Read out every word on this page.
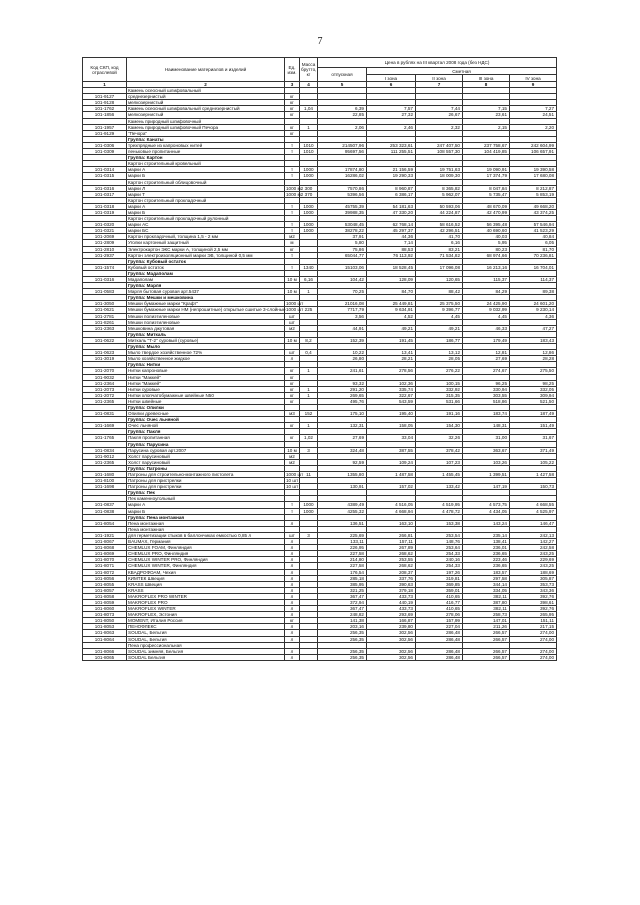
7
Код СКП, код отраслевой	Наименование материалов и изделий	Ед. изм.	Масса брутто, кг	Цена в рублях на III квартал 2008 года (без НДС)				
				отпускная	Сметная			
					I зона	II зона	III зона	IV зона
1	2	3	4	5	6	7	8	9
	Камень осеосный шлифовальный							
101-9127	среднезернистый	кг						
101-9128	мелкозернистый	кг						
101-1762	Камень осеосный шлифовальный среднезернистый	кг	1,04	6,39	7,57	7,44	7,15	7,27
101-1856	мелкозернистый	кг		22,85	27,32	26,67	23,61	24,51
	Камень природный шлифовочный							
101-1957	Камень природный шлифовочный Печора	кг	1	2,06	2,46	2,32	2,15	2,20
101-9129	"Печора"	кг						
	Группа: Канаты							
101-0306	трехпрядные из капроновых нитей	т	1010	214507,96	253 323,61	247 407,50	237 758,67	242 604,99
101-0309	пеньковые пропитанные	т	1010	95697,56	111 255,51	108 557,30	104 419,85	106 657,91
	Группа: Картон							
	Картон строительный кровельный							
101-0314	марки А	т	1000	17874,80	21 156,59	19 751,63	19 090,91	19 390,58
101-0315	марки Б	т	1000	16286,02	19 290,33	18 009,30	17 374,79	17 680,08
	Картон строительный облицовочный							
101-0316	марки Л	1000 м2	300	7570,86	8 960,87	8 365,82	8 047,84	8 212,87
101-0317	марки Т	1000 м2	370	5396,56	6 386,17	5 962,07	5 735,47	5 853,19
	Картон строительный прокладочный							
101-0318	марки А	т	1000	45755,39	54 181,63	50 593,06	48 670,09	49 668,20
101-0319	марки Б	т	1000	39988,35	47 330,20	44 224,87	42 470,99	43 374,25
	Картон строительный прокладочный рулонный							
101-0320	марки АС	т	1000	53048,45	62 768,14	58 616,52	56 395,48	57 546,94
101-0321	марки БС	т	1000	38278,22	45 297,37	42 296,51	40 690,60	41 523,29
101-2069	Картон прокладочный, толщина 1,5 - 2 мм	м2		37,91	44,36	41,70	40,03	40,84
101-2809	Уголки картонный защитный	м		5,80	7,14	6,16	5,95	6,05
101-2810	Электрокартон ЭКС марки А, толщиной 2,5 мм	кг		75,86	88,53	83,21	80,23	81,70
101-2937	Картон электроизоляционный марки ЭВ, толщиной 0,5 мм	т		65044,77	76 113,92	71 534,82	68 974,66	70 236,81
	Группа: Кубовый остаток							
101-1574	Кубовый остаток	т	1340	15103,06	18 528,45	17 096,08	16 213,16	16 704,01
	Группа: Мадаполам							
101-0316	Мадаполам	10 м	6,16	104,42	128,09	120,65	115,37	114,37
	Группа: Марля							
101-0583	Марля бытовая суровая арт.5437	10 м	1	70,25	84,70	88,42	84,29	89,38
	Группа: Мешки и мешковина							
101-3050	Мешки бумажные марки "Крафт"	1000 шт		21016,08	25 449,81	25 375,50	24 425,90	24 601,20
101-0621	Мешки бумажные марки НМ (непрошитные) открытые сшитые 3-слойные	1000 шт	225	7717,79	9 634,91	9 396,77	9 032,99	9 230,14
101-2781	Мешки полиэтиленовые	шт		3,56	4,52	4,45	4,45	4,36
101-8261	Мешки полиэтиленовые	шт						
101-2363	Мешковина джутовая	м2		44,91	49,21	49,21	46,33	47,27
	Группа: Миткаль							
101-0622	Миткаль "Т-2" суровый (суровье)	10 м	8,2	152,39	191,45	186,77	179,49	183,43
	Группа: Мыло							
101-0623	Мыло твердое хозяйственное 72%	шт	0,4	10,22	13,41	13,12	12,81	12,86
101-3019	Мыло хозяйственное жидкое	л		26,80	28,21	28,05	27,69	28,28
	Группа: Нитки							
101-2070	Нитки капроновые	кг	1	241,61	278,56	276,22	274,67	275,50
101-9032	Нитки "Маккей"	кг						
101-2364	Нитки "Маккей"	кг		93,32	102,36	100,15	96,25	98,25
101-2073	Нитки суровые	кг	1	291,20	335,74	332,92	330,94	332,05
101-2072	Нитки хлопчатобумажные швейные N50	кг	1	269,65	322,67	315,35	303,55	309,94
101-2365	Нитки швейные	кг		495,76	543,59	531,66	518,86	521,50
	Группа: Опилки							
101-0831	Опилки древесные	м3	152	175,10	195,40	191,16	183,74	187,49
	Группа: Очес льняной							
101-1669	Очес льняной	кг	1	132,31	158,05	154,30	148,31	151,49
	Группа: Пакля							
101-1765	Пакля пропитанная	кг	1,02	27,69	33,04	32,26	31,00	31,67
	Группа: Парусина							
101-0834	Парусина суровая арт.2007	10 м	3	324,48	387,55	378,42	363,67	371,49
101-9012	Холст парусиновый	м2						
101-2365	Холст парусиновый	м2		92,59	109,24	107,23	103,26	105,22
	Группа: Патроны							
101-1680	Патроны для строительно-монтажного пистолета	1000 шт	11	1355,80	1 487,58	1 455,45	1 399,51	1 427,58
101-8100	Патроны для пристрелки	10 шт						
101-1698	Патроны для пристрелки	10 шт		130,91	157,02	133,42	147,19	150,73
	Группа: Пек							
	Пек каменноугольный							
101-0837	марки А	т	1000	4389,49	4 516,05	4 519,95	4 573,75	4 668,55
101-0838	марки Б	т	1000	4255,32	4 668,94	4 478,72	4 434,05	4 525,97
	Группа: Пена монтажная							
101-8054	Пена монтажная	л		136,51	163,10	153,38	143,24	146,47
	Пена монтажная							
101-1921	для герметизации стыков в баллончиках емкостью 0,85 л	шт	3	225,69	266,81	253,54	235,14	242,13
101-8067	BAUMAX, Германия	л		133,11	157,11	148,76	138,41	142,27
101-8068	CHEMLUX FOAM, Финляндия	л		226,95	267,89	253,64	236,01	242,58
101-8069	CHEMLUX PRO, Финляндия	л		227,58	268,62	254,33	236,65	243,25
101-8070	CHEMLUX WINTER PRO, Финляндия	л		214,80	253,55	240,16	223,46	229,69
101-8071	CHEMLUX WINTER, Финляндия	л		227,58	268,62	254,33	236,65	243,25
101-8072	КВАДРОФОАМ, Чехия	л		176,54	208,37	197,26	183,57	188,69
101-8056	КИМТЕК Швеция	л		285,18	337,76	319,81	297,58	305,87
101-8055	KRASS Швеция	л		385,95	390,63	369,85	344,14	353,73
101-8057	KRASS	л		321,25	379,18	359,01	334,05	343,36
101-8058	MAKROFLEX PRO WINTER	л		367,47	433,73	410,65	382,11	392,76
101-8059	MAKROFLEX PRO	л		372,94	440,19	416,77	387,80	398,61
101-8060	MAKROFLEX WINTER	л		367,47	433,73	410,65	382,11	392,76
101-8073	MAKROFLEX, Эстония	л		248,82	293,69	278,06	258,73	265,95
101-8050	MOMENT, Италия Россия	кг		141,38	166,87	157,99	147,01	151,11
101-8053	ПЕНОФЛЕКС	л		203,16	239,80	227,04	211,26	217,15
101-8063	SOUDAL, Бельгия	л		256,35	302,56	286,48	266,57	274,00
101-8064	SOUDAL, Бельгия	л		256,35	302,56	286,48	266,57	274,00
	Пена профессиональная							
101-8066	SOUDAL зимняя, Бельгия	л		256,35	302,56	286,48	266,57	274,00
101-8065	SOUDAL Бельгия	л		256,35	302,56	286,48	266,57	274,00
